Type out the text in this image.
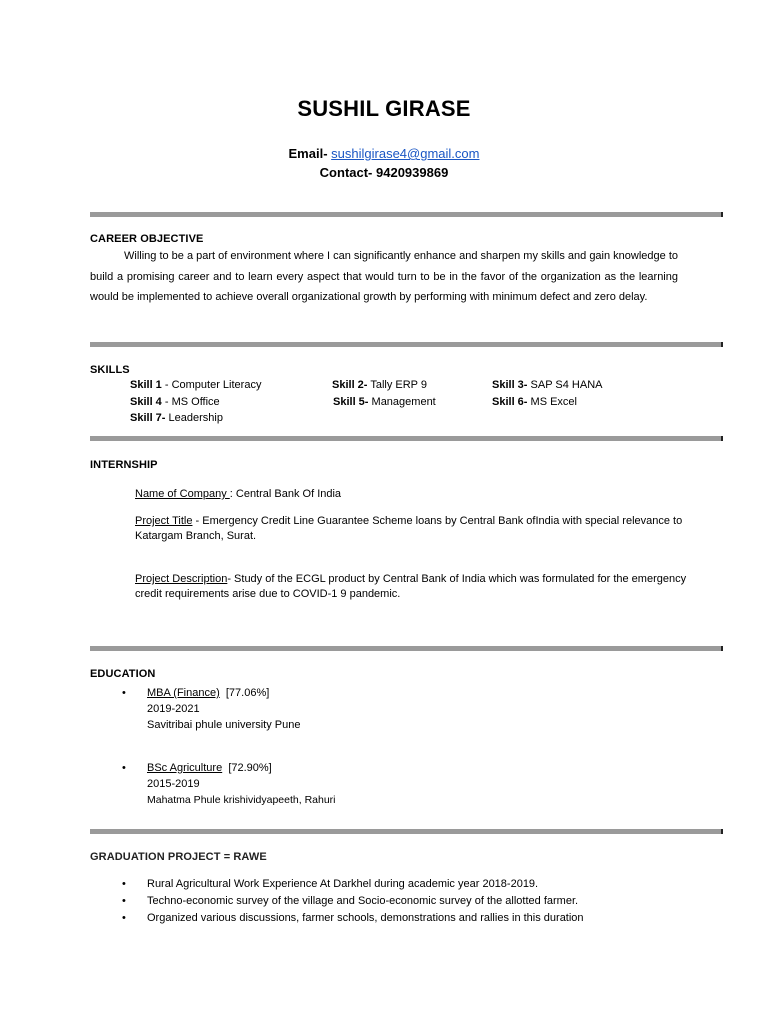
SUSHIL GIRASE
Email- sushilgirase4@gmail.com
Contact- 9420939869
CAREER OBJECTIVE
Willing to be a part of environment where I can significantly enhance and sharpen my skills and gain knowledge to build a promising career and to learn every aspect that would turn to be in the favor of the organization as the learning would be implemented to achieve overall organizational growth by performing with minimum defect and zero delay.
SKILLS
Skill 1 - Computer Literacy	Skill 2- Tally ERP 9	Skill 3- SAP S4 HANA
Skill 4 - MS Office	Skill 5- Management	Skill 6- MS Excel
Skill 7- Leadership
INTERNSHIP
Name of Company : Central Bank Of India
Project Title - Emergency Credit Line Guarantee Scheme loans by Central Bank ofIndia with special relevance to Katargam Branch, Surat.
Project Description- Study of the ECGL product by Central Bank of India which was formulated for the emergency credit requirements arise due to COVID-1 9 pandemic.
EDUCATION
• MBA (Finance)  [77.06%]
2019-2021
Savitribai phule university Pune
• BSc Agriculture  [72.90%]
2015-2019
Mahatma Phule krishividyapeeth, Rahuri
GRADUATION PROJECT = RAWE
• Rural Agricultural Work Experience At Darkhel during academic year 2018-2019.
• Techno-economic survey of the village and Socio-economic survey of the allotted farmer.
• Organized various discussions, farmer schools, demonstrations and rallies in this duration
